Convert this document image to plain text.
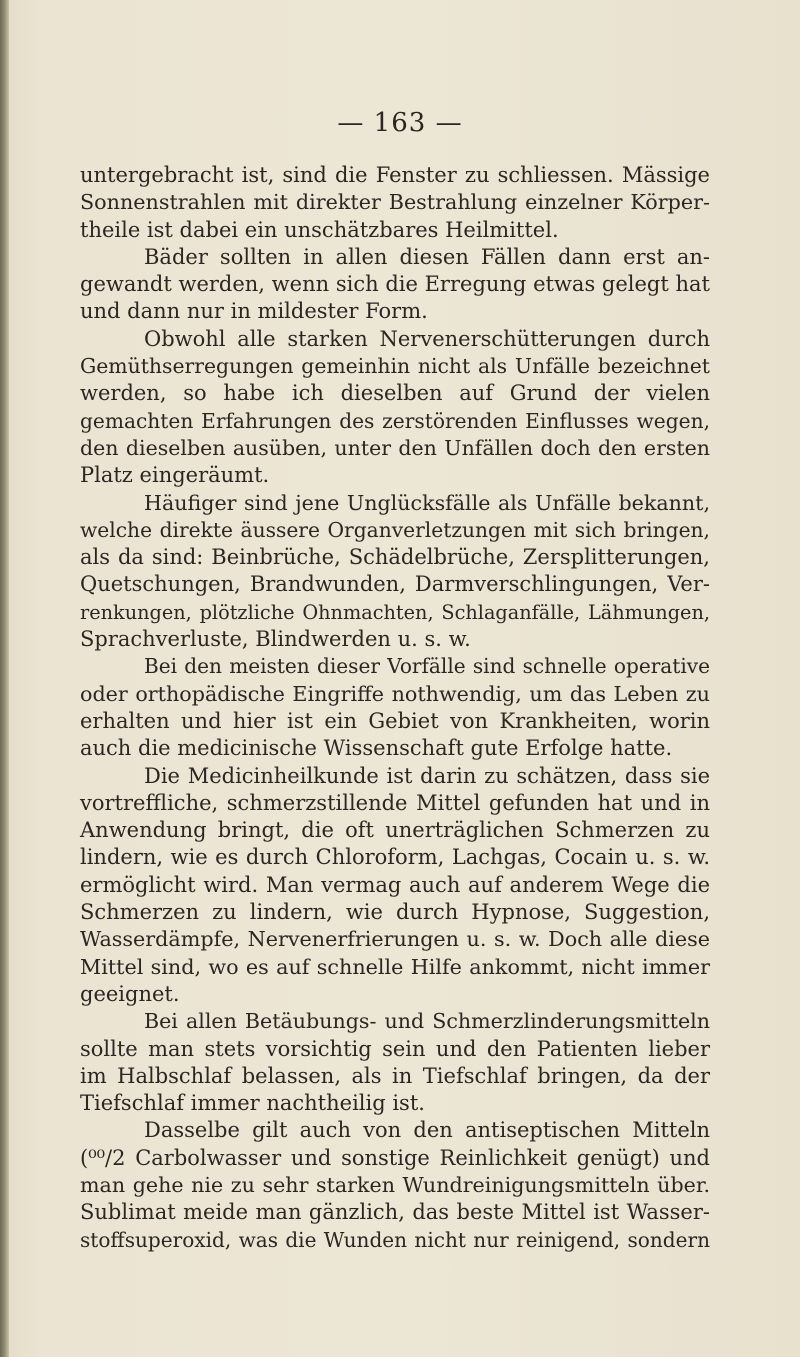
— 163 —
untergebracht ist, sind die Fenster zu schliessen. Mässige
Sonnenstrahlen mit direkter Bestrahlung einzelner Körper-
theile ist dabei ein unschätzbares Heilmittel.
Bäder sollten in allen diesen Fällen dann erst an-
gewandt werden, wenn sich die Erregung etwas gelegt hat
und dann nur in mildester Form.
Obwohl alle starken Nervenerschütterungen durch
Gemüthserregungen gemeinhin nicht als Unfälle bezeichnet
werden, so habe ich dieselben auf Grund der vielen
gemachten Erfahrungen des zerstörenden Einflusses wegen,
den dieselben ausüben, unter den Unfällen doch den ersten
Platz eingeräumt.
Häufiger sind jene Unglücksfälle als Unfälle bekannt,
welche direkte äussere Organverletzungen mit sich bringen,
als da sind: Beinbrüche, Schädelbrüche, Zersplitterungen,
Quetschungen, Brandwunden, Darmverschlingungen, Ver-
renkungen, plötzliche Ohnmachten, Schlaganfälle, Lähmungen,
Sprachverluste, Blindwerden u. s. w.
Bei den meisten dieser Vorfälle sind schnelle operative
oder orthopädische Eingriffe nothwendig, um das Leben zu
erhalten und hier ist ein Gebiet von Krankheiten, worin
auch die medicinische Wissenschaft gute Erfolge hatte.
Die Medicinheilkunde ist darin zu schätzen, dass sie
vortreffliche, schmerzstillende Mittel gefunden hat und in
Anwendung bringt, die oft unerträglichen Schmerzen zu
lindern, wie es durch Chloroform, Lachgas, Cocain u. s. w.
ermöglicht wird. Man vermag auch auf anderem Wege die
Schmerzen zu lindern, wie durch Hypnose, Suggestion,
Wasserdämpfe, Nervenerfrierungen u. s. w. Doch alle diese
Mittel sind, wo es auf schnelle Hilfe ankommt, nicht immer
geeignet.
Bei allen Betäubungs- und Schmerzlinderungsmitteln
sollte man stets vorsichtig sein und den Patienten lieber
im Halbschlaf belassen, als in Tiefschlaf bringen, da der
Tiefschlaf immer nachtheilig ist.
Dasselbe gilt auch von den antiseptischen Mitteln
(⁰⁰/2 Carbolwasser und sonstige Reinlichkeit genügt) und
man gehe nie zu sehr starken Wundreinigungsmitteln über.
Sublimat meide man gänzlich, das beste Mittel ist Wasser-
stoffsuperoxid, was die Wunden nicht nur reinigend, sondern
